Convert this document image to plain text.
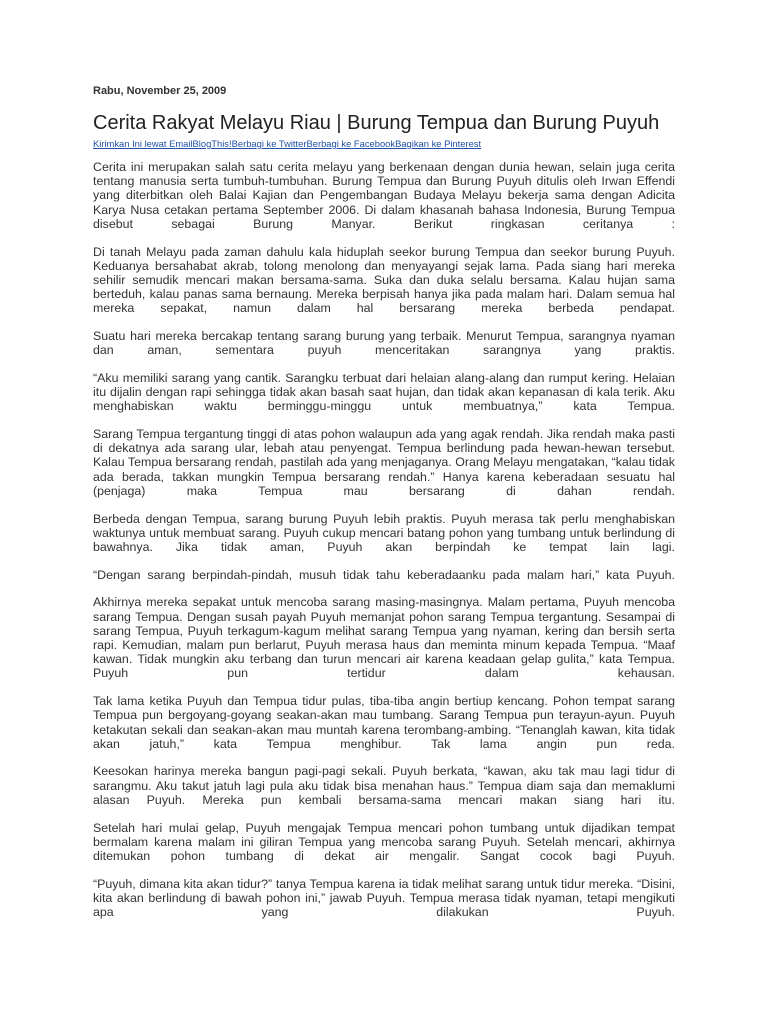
Rabu, November 25, 2009
Cerita Rakyat Melayu Riau | Burung Tempua dan Burung Puyuh
Kirimkan Ini lewat EmailBlogThis!Berbagi ke TwitterBerbagi ke FacebookBagikan ke Pinterest

Cerita ini merupakan salah satu cerita melayu yang berkenaan dengan dunia hewan, selain juga cerita tentang manusia serta tumbuh-tumbuhan. Burung Tempua dan Burung Puyuh ditulis oleh Irwan Effendi yang diterbitkan oleh Balai Kajian dan Pengembangan Budaya Melayu bekerja sama dengan Adicita Karya Nusa cetakan pertama September 2006. Di dalam khasanah bahasa Indonesia, Burung Tempua disebut sebagai Burung Manyar. Berikut ringkasan ceritanya :

Di tanah Melayu pada zaman dahulu kala hiduplah seekor burung Tempua dan seekor burung Puyuh. Keduanya bersahabat akrab, tolong menolong dan menyayangi sejak lama. Pada siang hari mereka sehilir semudik mencari makan bersama-sama. Suka dan duka selalu bersama. Kalau hujan sama berteduh, kalau panas sama bernaung. Mereka berpisah hanya jika pada malam hari. Dalam semua hal mereka sepakat, namun dalam hal bersarang mereka berbeda pendapat.

Suatu hari mereka bercakap tentang sarang burung yang terbaik. Menurut Tempua, sarangnya nyaman dan aman, sementara puyuh menceritakan sarangnya yang praktis.

“Aku memiliki sarang yang cantik. Sarangku terbuat dari helaian alang-alang dan rumput kering. Helaian itu dijalin dengan rapi sehingga tidak akan basah saat hujan, dan tidak akan kepanasan di kala terik. Aku menghabiskan waktu berminggu-minggu untuk membuatnya,” kata Tempua.

Sarang Tempua tergantung tinggi di atas pohon walaupun ada yang agak rendah. Jika rendah maka pasti di dekatnya ada sarang ular, lebah atau penyengat. Tempua berlindung pada hewan-hewan tersebut. Kalau Tempua bersarang rendah, pastilah ada yang menjaganya. Orang Melayu mengatakan, “kalau tidak ada berada, takkan mungkin Tempua bersarang rendah.” Hanya karena keberadaan sesuatu hal (penjaga) maka Tempua mau bersarang di dahan rendah.

Berbeda dengan Tempua, sarang burung Puyuh lebih praktis. Puyuh merasa tak perlu menghabiskan waktunya untuk membuat sarang. Puyuh cukup mencari batang pohon yang tumbang untuk berlindung di bawahnya. Jika tidak aman, Puyuh akan berpindah ke tempat lain lagi.

“Dengan sarang berpindah-pindah, musuh tidak tahu keberadaanku pada malam hari,” kata Puyuh.

Akhirnya mereka sepakat untuk mencoba sarang masing-masingnya. Malam pertama, Puyuh mencoba sarang Tempua. Dengan susah payah Puyuh memanjat pohon sarang Tempua tergantung. Sesampai di sarang Tempua, Puyuh terkagum-kagum melihat sarang Tempua yang nyaman, kering dan bersih serta rapi. Kemudian, malam pun berlarut, Puyuh merasa haus dan meminta minum kepada Tempua. “Maaf kawan. Tidak mungkin aku terbang dan turun mencari air karena keadaan gelap gulita,” kata Tempua. Puyuh pun tertidur dalam kehausan.

Tak lama ketika Puyuh dan Tempua tidur pulas, tiba-tiba angin bertiup kencang. Pohon tempat sarang Tempua pun bergoyang-goyang seakan-akan mau tumbang. Sarang Tempua pun terayun-ayun. Puyuh ketakutan sekali dan seakan-akan mau muntah karena terombang-ambing. “Tenanglah kawan, kita tidak akan jatuh,” kata Tempua menghibur. Tak lama angin pun reda.

Keesokan harinya mereka bangun pagi-pagi sekali. Puyuh berkata, “kawan, aku tak mau lagi tidur di sarangmu. Aku takut jatuh lagi pula aku tidak bisa menahan haus.” Tempua diam saja dan memaklumi alasan Puyuh. Mereka pun kembali bersama-sama mencari makan siang hari itu.

Setelah hari mulai gelap, Puyuh mengajak Tempua mencari pohon tumbang untuk dijadikan tempat bermalam karena malam ini giliran Tempua yang mencoba sarang Puyuh. Setelah mencari, akhirnya ditemukan pohon tumbang di dekat air mengalir. Sangat cocok bagi Puyuh.

“Puyuh, dimana kita akan tidur?” tanya Tempua karena ia tidak melihat sarang untuk tidur mereka. “Disini, kita akan berlindung di bawah pohon ini,” jawab Puyuh. Tempua merasa tidak nyaman, tetapi mengikuti apa yang dilakukan Puyuh.
